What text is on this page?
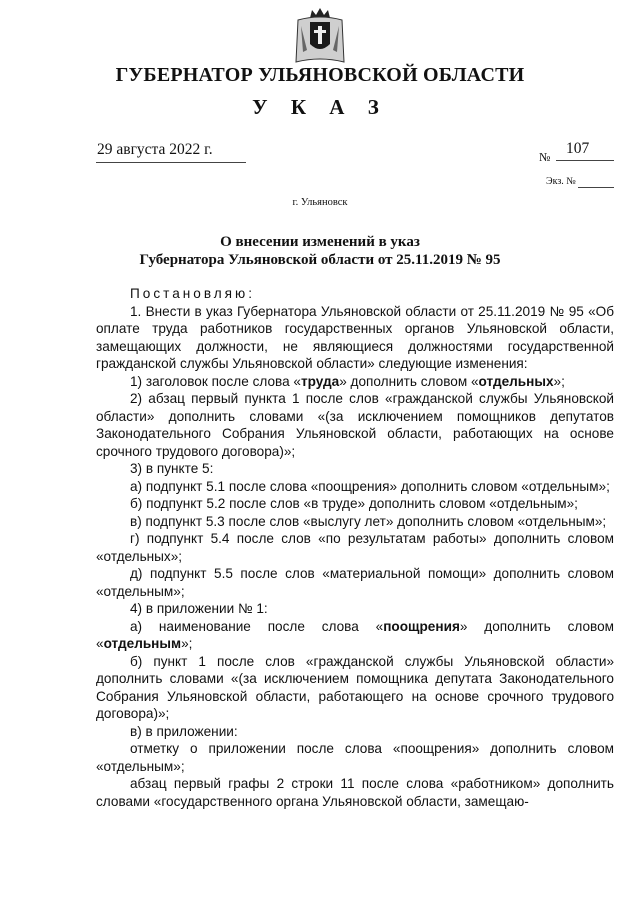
ГУБЕРНАТОР УЛЬЯНОВСКОЙ ОБЛАСТИ
У К А З
29 августа 2022 г.	№ 107
Экз. №
г. Ульяновск
О внесении изменений в указ
Губернатора Ульяновской области от 25.11.2019 № 95

Постановляю:

1. Внести в указ Губернатора Ульяновской области от 25.11.2019 № 95 «Об оплате труда работников государственных органов Ульяновской области, замещающих должности, не являющиеся должностями государственной гражданской службы Ульяновской области» следующие изменения:

1) заголовок после слова «труда» дополнить словом «отдельных»;

2) абзац первый пункта 1 после слов «гражданской службы Ульяновской области» дополнить словами «(за исключением помощников депутатов Законодательного Собрания Ульяновской области, работающих на основе срочного трудового договора)»;

3) в пункте 5:

а) подпункт 5.1 после слова «поощрения» дополнить словом «отдельным»;

б) подпункт 5.2 после слов «в труде» дополнить словом «отдельным»;

в) подпункт 5.3 после слов «выслугу лет» дополнить словом «отдельным»;

г) подпункт 5.4 после слов «по результатам работы» дополнить словом «отдельных»;

д) подпункт 5.5 после слов «материальной помощи» дополнить словом «отдельным»;

4) в приложении № 1:

а) наименование после слова «поощрения» дополнить словом «отдельным»;

б) пункт 1 после слов «гражданской службы Ульяновской области» дополнить словами «(за исключением помощника депутата Законодательного Собрания Ульяновской области, работающего на основе срочного трудового договора)»;

в) в приложении:

отметку о приложении после слова «поощрения» дополнить словом «отдельным»;

абзац первый графы 2 строки 11 после слова «работником» дополнить словами «государственного органа Ульяновской области, замещаю-
